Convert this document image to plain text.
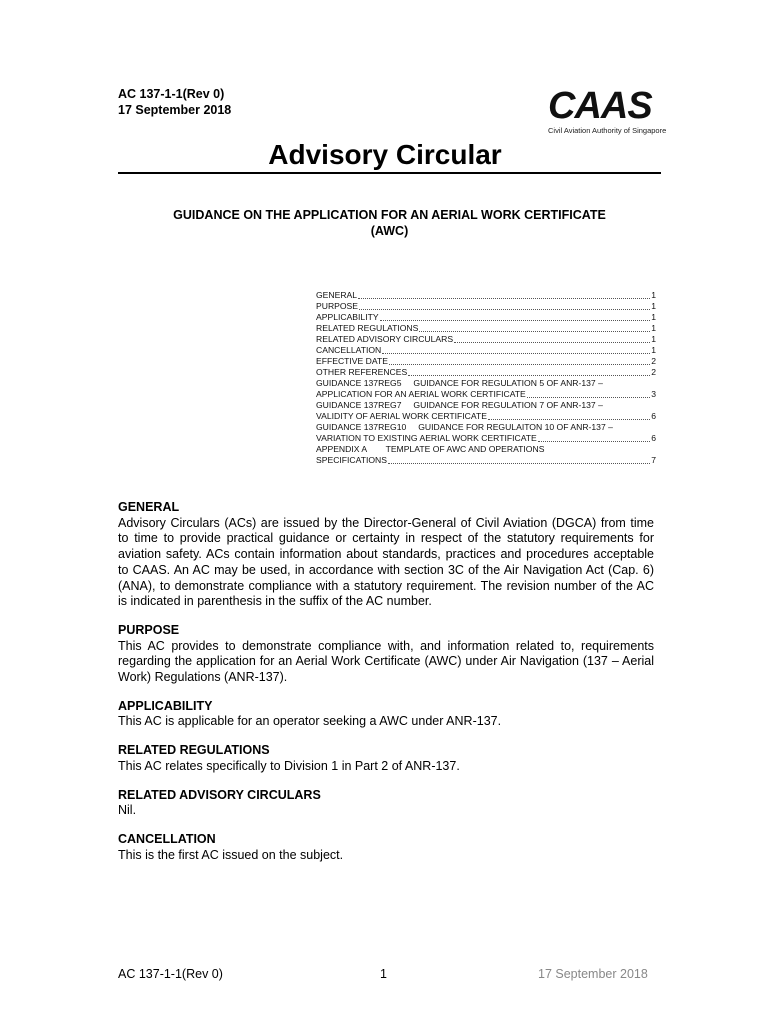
AC 137-1-1(Rev 0)
17 September 2018	CAAS
Civil Aviation Authority of Singapore
Advisory Circular
GUIDANCE ON THE APPLICATION FOR AN AERIAL WORK CERTIFICATE
(AWC)
GENERAL	1
PURPOSE	1
APPLICABILITY	1
RELATED REGULATIONS	1
RELATED ADVISORY CIRCULARS	1
CANCELLATION	1
EFFECTIVE DATE	2
OTHER REFERENCES	2
GUIDANCE 137REG5     GUIDANCE FOR REGULATION 5 OF ANR-137 –
APPLICATION FOR AN AERIAL WORK CERTIFICATE	3
GUIDANCE 137REG7     GUIDANCE FOR REGULATION 7 OF ANR-137 –
VALIDITY OF AERIAL WORK CERTIFICATE	6
GUIDANCE 137REG10     GUIDANCE FOR REGULAITON 10 OF ANR-137 –
VARIATION TO EXISTING AERIAL WORK CERTIFICATE	6
APPENDIX A        TEMPLATE OF AWC AND OPERATIONS
SPECIFICATIONS	7
GENERAL
Advisory Circulars (ACs) are issued by the Director-General of Civil Aviation (DGCA) from time to time to provide practical guidance or certainty in respect of the statutory requirements for aviation safety. ACs contain information about standards, practices and procedures acceptable to CAAS. An AC may be used, in accordance with section 3C of the Air Navigation Act (Cap. 6) (ANA), to demonstrate compliance with a statutory requirement. The revision number of the AC is indicated in parenthesis in the suffix of the AC number.
PURPOSE
This AC provides to demonstrate compliance with, and information related to, requirements regarding the application for an Aerial Work Certificate (AWC) under Air Navigation (137 – Aerial Work) Regulations (ANR-137).
APPLICABILITY
This AC is applicable for an operator seeking a AWC under ANR-137.
RELATED REGULATIONS
This AC relates specifically to Division 1 in Part 2 of ANR-137.
RELATED ADVISORY CIRCULARS
Nil.
CANCELLATION
This is the first AC issued on the subject.
AC 137-1-1(Rev 0)	1	17 September 2018
